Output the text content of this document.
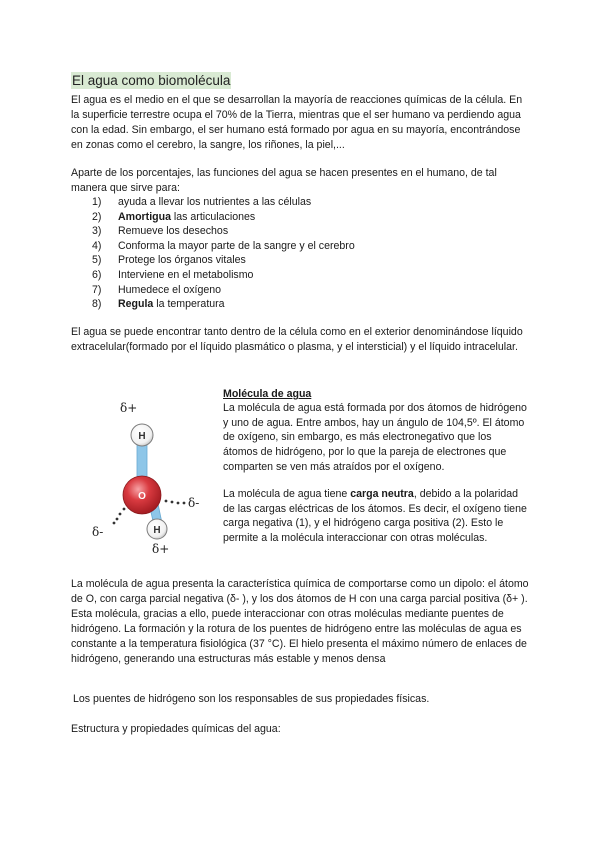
El agua como biomolécula

El agua es el medio en el que se desarrollan la mayoría de reacciones químicas de la célula. En la superficie terrestre ocupa el 70% de la Tierra, mientras que el ser humano va perdiendo agua con la edad. Sin embargo, el ser humano está formado por agua en su mayoría, encontrándose en zonas como el cerebro, la sangre, los riñones, la piel,...

Aparte de los porcentajes, las funciones del agua se hacen presentes en el humano, de tal manera que sirve para:

1) ayuda a llevar los nutrientes a las células
2) Amortigua las articulaciones
3) Remueve los desechos
4) Conforma la mayor parte de la sangre y el cerebro
5) Protege los órganos vitales
6) Interviene en el metabolismo
7) Humedece el oxígeno
8) Regula la temperatura

El agua se puede encontrar tanto dentro de la célula como en el exterior denominándose líquido extracelular(formado por el líquido plasmático o plasma, y el intersticial) y el líquido intracelular.

H
O
H
δ+
δ-
δ-
δ+
Molécula de agua
La molécula de agua está formada por dos átomos de hidrógeno y uno de agua. Entre ambos, hay un ángulo de 104,5º. El átomo de oxígeno, sin embargo, es más electronegativo que los átomos de hidrógeno, por lo que la pareja de electrones que comparten se ven más atraídos por el oxígeno.
La molécula de agua tiene carga neutra, debido a la polaridad de las cargas eléctricas de los átomos. Es decir, el oxígeno tiene carga negativa (1), y el hidrógeno carga positiva (2). Esto le permite a la molécula interaccionar con otras moléculas.

La molécula de agua presenta la característica química de comportarse como un dipolo: el átomo de O, con carga parcial negativa (δ- ), y los dos átomos de H con una carga parcial positiva (δ+ ). Esta molécula, gracias a ello, puede interaccionar con otras moléculas mediante puentes de hidrógeno. La formación y la rotura de los puentes de hidrógeno entre las moléculas de agua es constante a la temperatura fisiológica (37 °C). El hielo presenta el máximo número de enlaces de hidrógeno, generando una estructuras más estable y menos densa

Los puentes de hidrógeno son los responsables de sus propiedades físicas.

Estructura y propiedades químicas del agua:
